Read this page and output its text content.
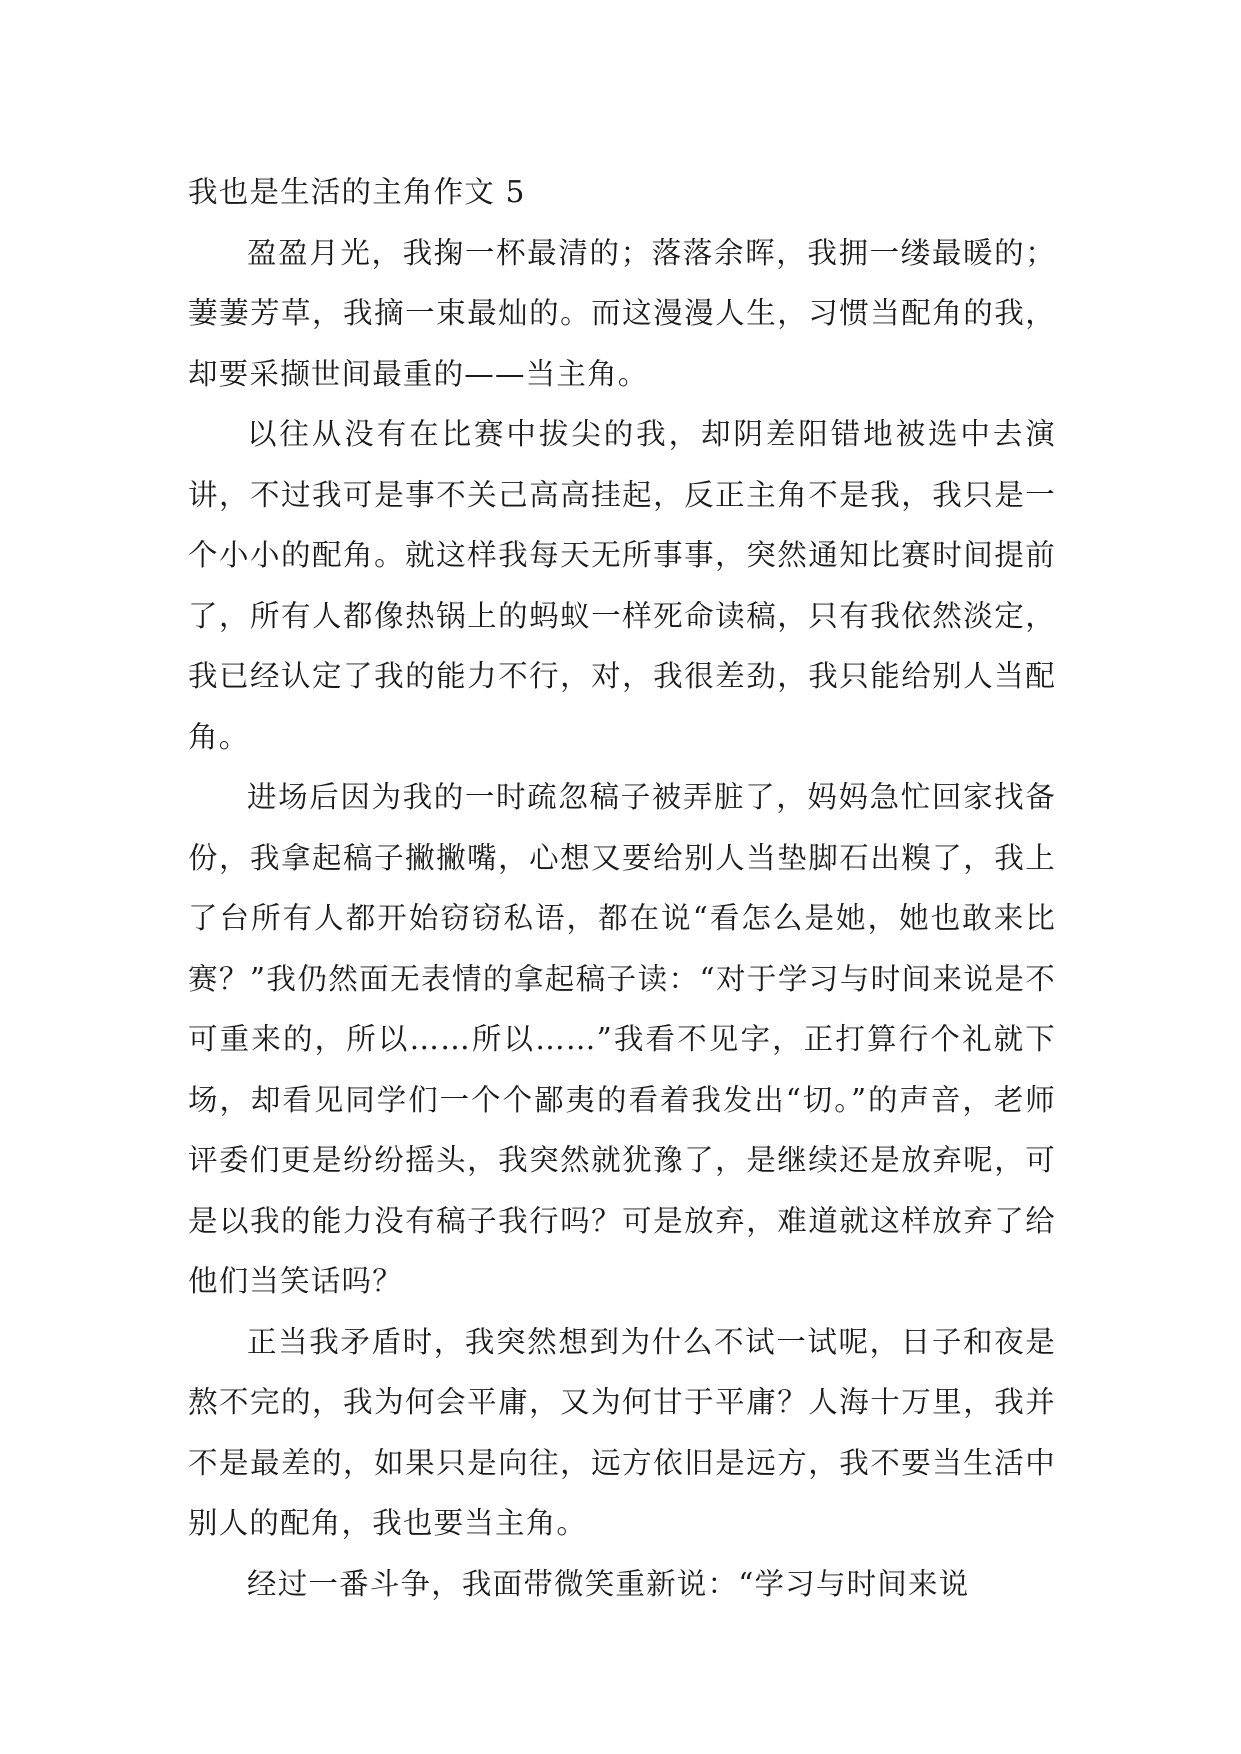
我也是生活的主角作文 5

盈盈月光，我掬一杯最清的；落落余晖，我拥一缕最暖的；萋萋芳草，我摘一束最灿的。而这漫漫人生，习惯当配角的我，却要采撷世间最重的——当主角。

以往从没有在比赛中拔尖的我，却阴差阳错地被选中去演讲，不过我可是事不关己高高挂起，反正主角不是我，我只是一个小小的配角。就这样我每天无所事事，突然通知比赛时间提前了，所有人都像热锅上的蚂蚁一样死命读稿，只有我依然淡定，我已经认定了我的能力不行，对，我很差劲，我只能给别人当配角。

进场后因为我的一时疏忽稿子被弄脏了，妈妈急忙回家找备份，我拿起稿子撇撇嘴，心想又要给别人当垫脚石出糗了，我上了台所有人都开始窃窃私语，都在说“看怎么是她，她也敢来比赛？”我仍然面无表情的拿起稿子读：“对于学习与时间来说是不可重来的，所以……所以……”我看不见字，正打算行个礼就下场，却看见同学们一个个鄙夷的看着我发出“切。”的声音，老师评委们更是纷纷摇头，我突然就犹豫了，是继续还是放弃呢，可是以我的能力没有稿子我行吗？可是放弃，难道就这样放弃了给他们当笑话吗？

正当我矛盾时，我突然想到为什么不试一试呢，日子和夜是熬不完的，我为何会平庸，又为何甘于平庸？人海十万里，我并不是最差的，如果只是向往，远方依旧是远方，我不要当生活中别人的配角，我也要当主角。

经过一番斗争，我面带微笑重新说：“学习与时间来说
